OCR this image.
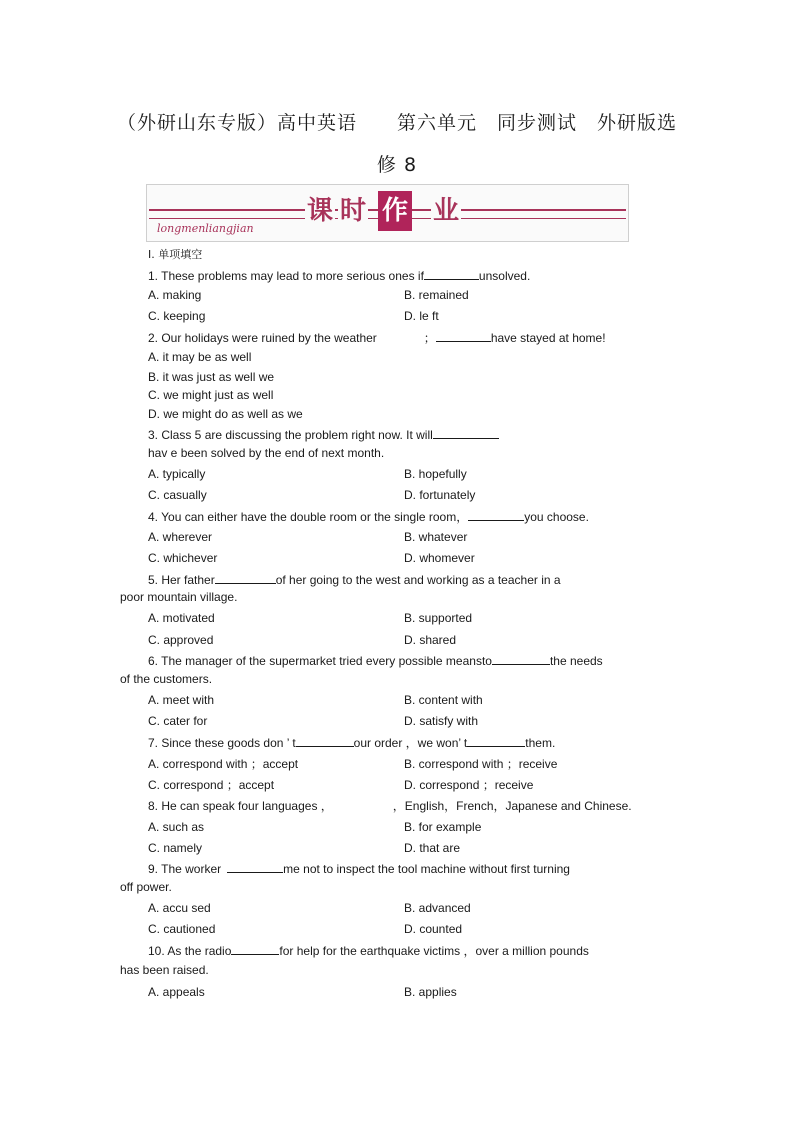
（外研山东专版）高中英语　　第六单元　同步测试　外研版选
修 8
longmenliangjian
课 时 作 业
Ⅰ. 单项填空
1. These problems may lead to more serious ones if	unsolved.
A. making	B. remained
C. keeping	D. le ft
2. Our holidays were ruined by the weather	；	have stayed at home!
A. it may be as well
B. it was just as well we
C. we might just as well
D. we might do as well as we
3. Class 5 are discussing the problem right now. It will
hav e been solved by the end of next month.
A. typically	B. hopefully
C. casually	D. fortunately
4. You can either have the double room or the single room，	you choose.
A. wherever	B. whatever
C. whichever	D. whomever
5. Her father	of her going to the west and working as a teacher in a
poor mountain village.
A. motivated	B. supported
C. approved	D. shared
6. The manager of the supermarket tried every possible meansto	the needs
of the customers.
A. meet with	B. content with
C. cater for	D. satisfy with
7. Since these goods don ’ t	our order ，we won’ t	them.
A. correspond with ；accept	B. correspond with ；receive
C. correspond ；accept	D. correspond ；receive
8. He can speak four languages ，	，English，French，Japanese and Chinese.
A. such as	B. for example
C. namely	D. that are
9. The worker	me not to inspect the tool machine without first turning
off power.
A. accu sed	B. advanced
C. cautioned	D. counted
10. As the radio	for help for the earthquake victims ，over a million pounds
has been raised.
A. appeals	B. applies
